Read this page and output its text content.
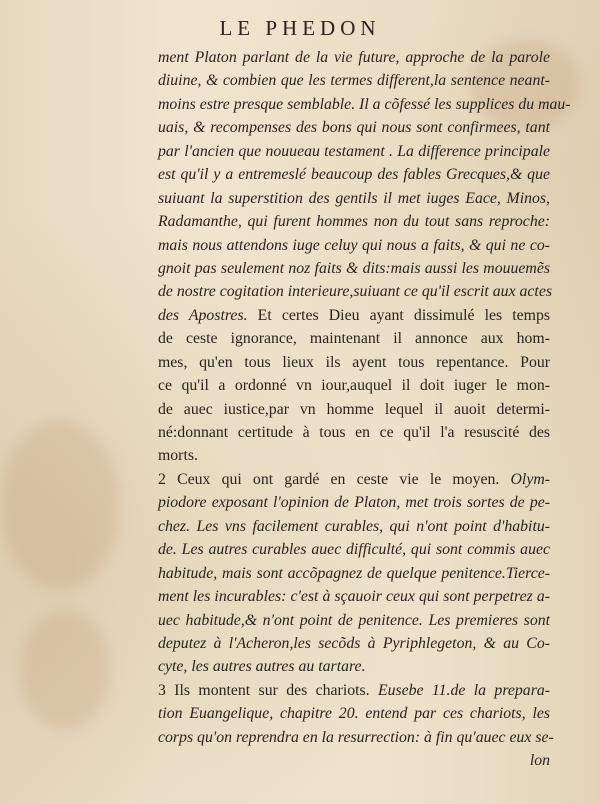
LE PHEDON
ment Platon parlant de la vie future, approche de la parole
diuine, & combien que les termes different,la sentence neant-
moins estre presque semblable. Il a cõfessé les supplices du mau-
uais, & recompenses des bons qui nous sont confirmees, tant
par l'ancien que nouueau testament . La difference principale
est qu'il y a entremeslé beaucoup des fables Grecques,& que
suiuant la superstition des gentils il met iuges Eace, Minos,
Radamanthe, qui furent hommes non du tout sans reproche:
mais nous attendons iuge celuy qui nous a faits, & qui ne co-
gnoit pas seulement noz faits & dits:mais aussi les mouuemẽs
de nostre cogitation interieure,suiuant ce qu'il escrit aux actes
des Apostres. Et certes Dieu ayant dissimulé les temps
de ceste ignorance, maintenant il annonce aux hom-
mes, qu'en tous lieux ils ayent tous repentance. Pour
ce qu'il a ordonné vn iour,auquel il doit iuger le mon-
de auec iustice,par vn homme lequel il auoit determi-
né:donnant certitude à tous en ce qu'il l'a resuscité des
morts.
2 Ceux qui ont gardé en ceste vie le moyen. Olym-
piodore exposant l'opinion de Platon, met trois sortes de pe-
chez. Les vns facilement curables, qui n'ont point d'habitu-
de. Les autres curables auec difficulté, qui sont commis auec
habitude, mais sont accõpagnez de quelque penitence.Tierce-
ment les incurables: c'est à sçauoir ceux qui sont perpetrez a-
uec habitude,& n'ont point de penitence. Les premieres sont
deputez à l'Acheron,les secõds à Pyriphlegeton, & au Co-
cyte, les autres autres au tartare.
3 Ils montent sur des chariots. Eusebe 11.de la prepara-
tion Euangelique, chapitre 20. entend par ces chariots, les
corps qu'on reprendra en la resurrection: à fin qu'auec eux se-
lon
